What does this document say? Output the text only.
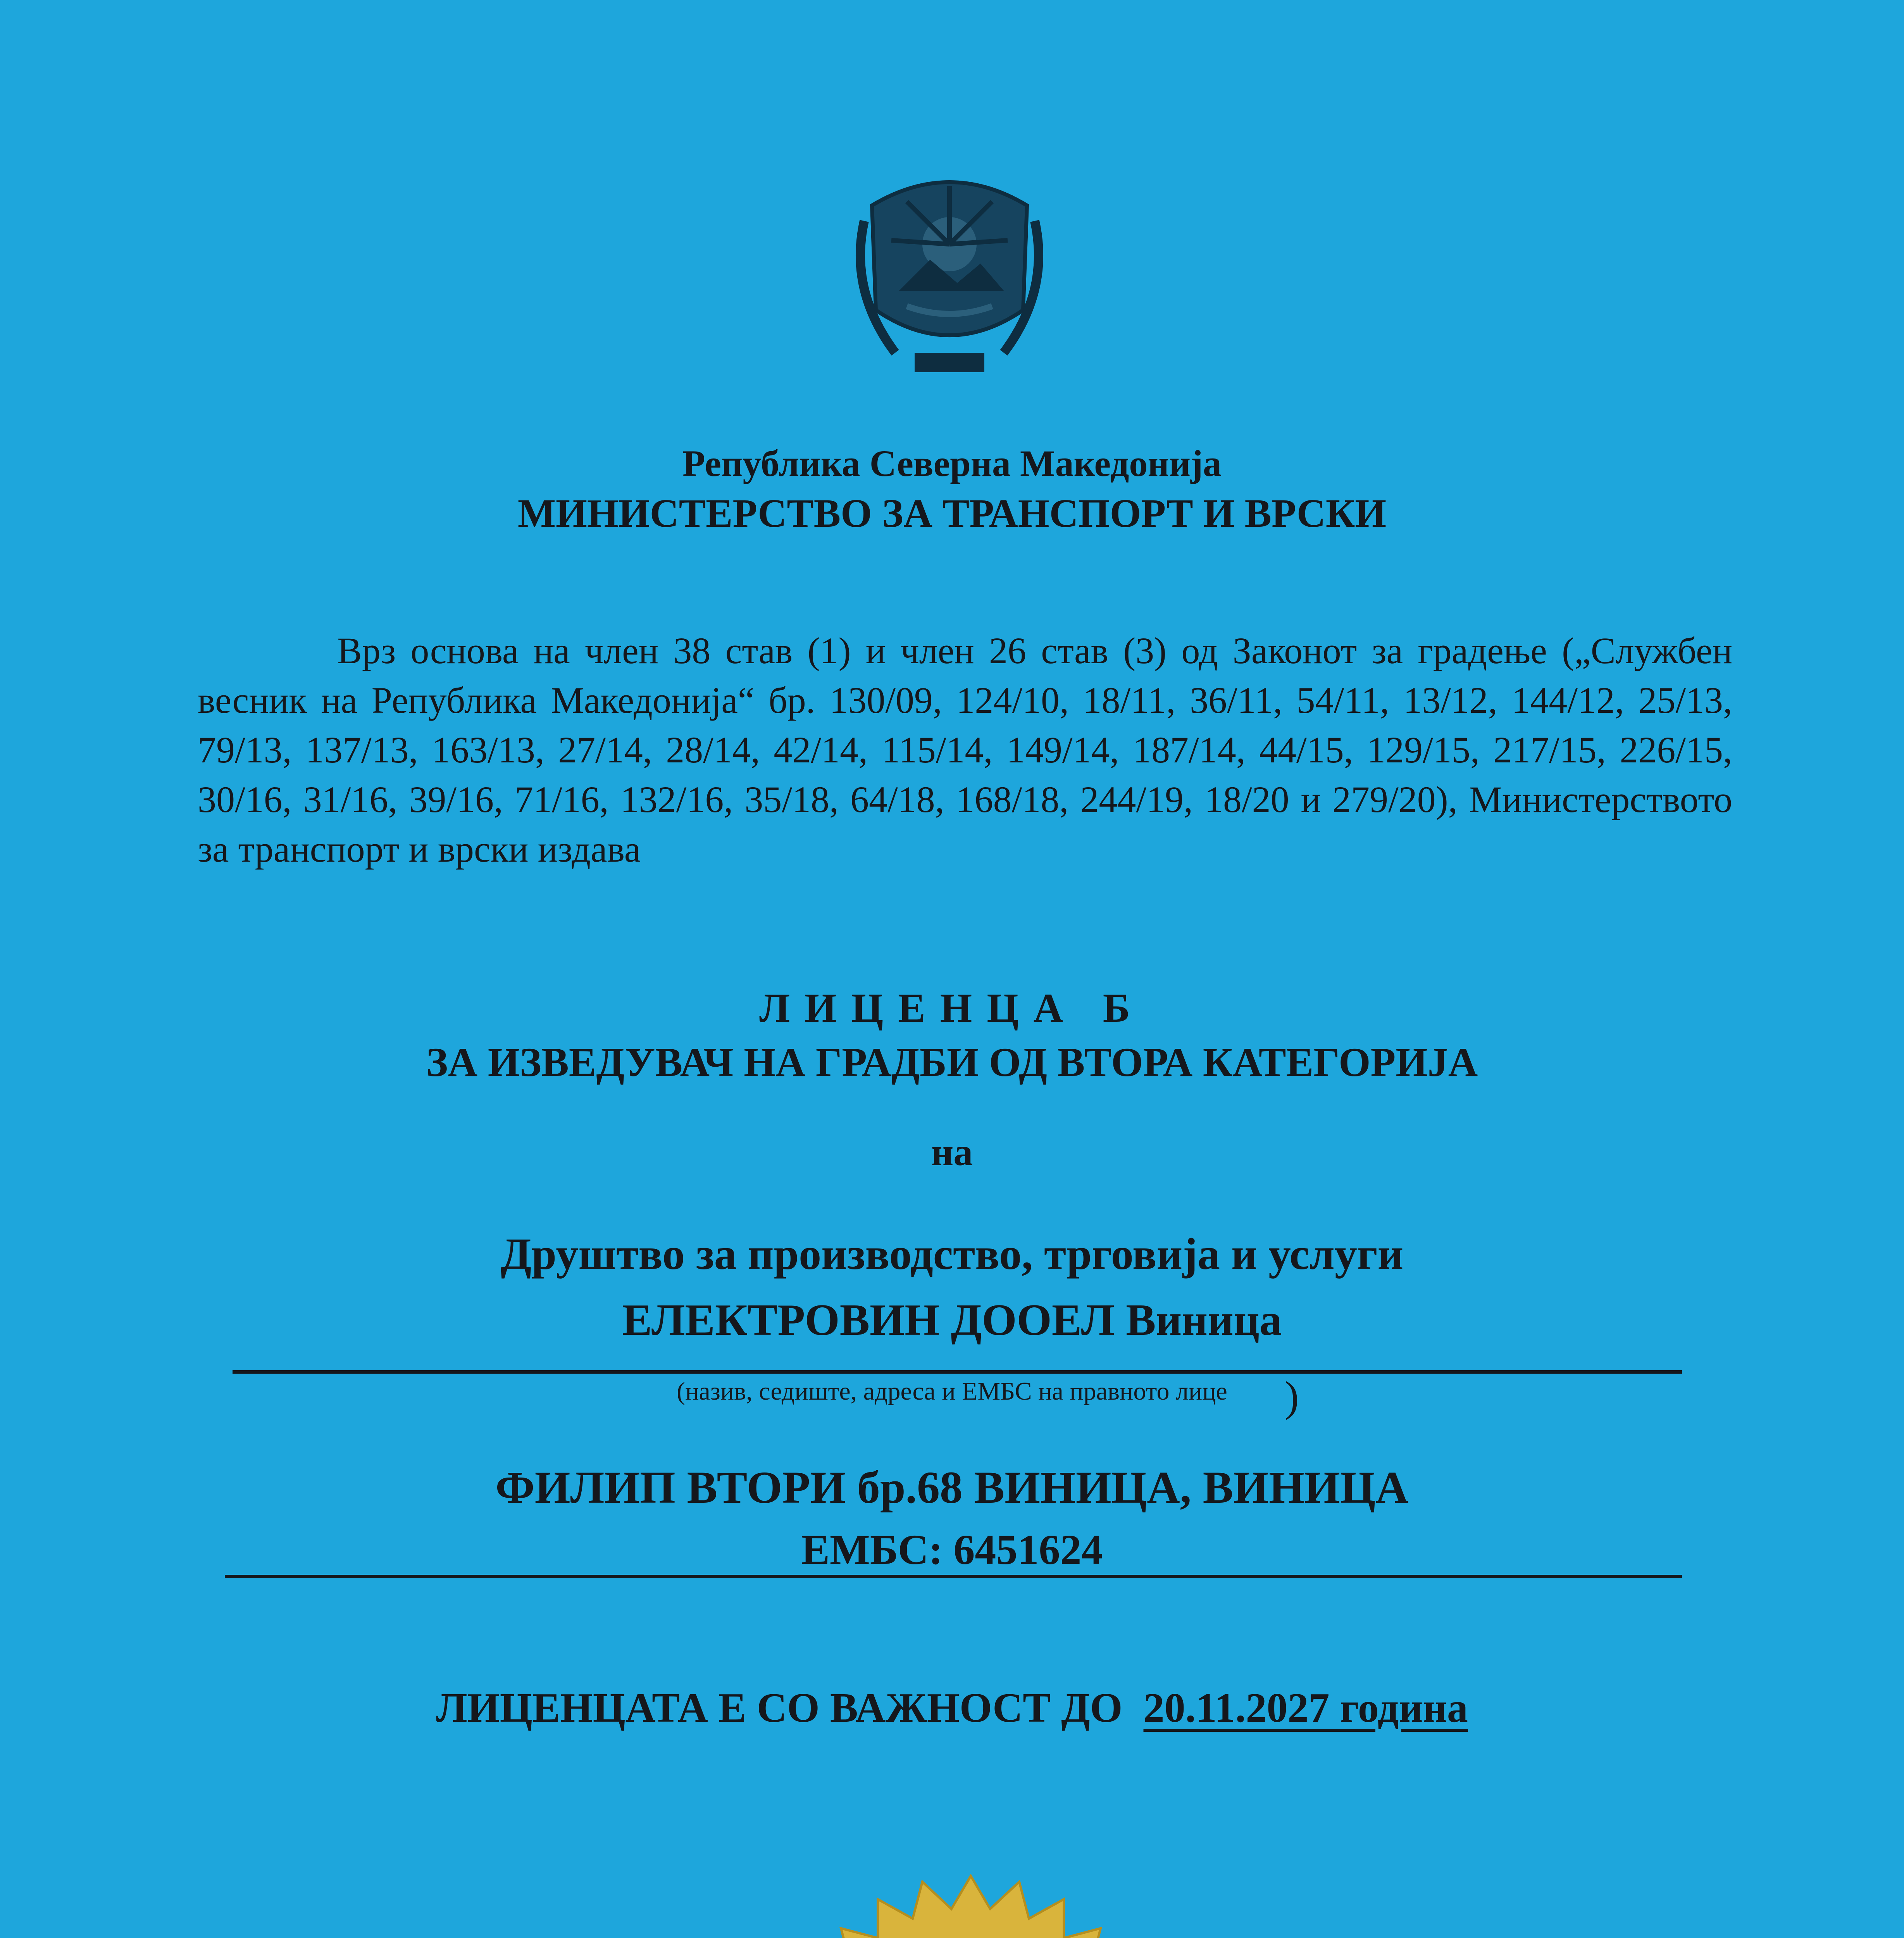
Република Северна Македонија
МИНИСТЕРСТВО ЗА ТРАНСПОРТ И ВРСКИ
Врз основа на член 38 став (1) и член 26 став (3) од Законот за градење („Службен весник на Република Македонија“ бр. 130/09, 124/10, 18/11, 36/11, 54/11, 13/12, 144/12, 25/13, 79/13, 137/13, 163/13, 27/14, 28/14, 42/14, 115/14, 149/14, 187/14, 44/15, 129/15, 217/15, 226/15, 30/16, 31/16, 39/16, 71/16, 132/16, 35/18, 64/18, 168/18, 244/19, 18/20 и 279/20), Министерството за транспорт и врски издава
ЛИЦЕНЦА Б
ЗА ИЗВЕДУВАЧ НА ГРАДБИ ОД ВТОРА КАТЕГОРИЈА
на
Друштво за производство, трговија и услуги
ЕЛЕКТРОВИН ДООЕЛ Виница
(назив, седиште, адреса и ЕМБС на правното лице	)
ФИЛИП ВТОРИ бр.68 ВИНИЦА, ВИНИЦА
ЕМБС: 6451624
ЛИЦЕНЦАТА Е СО ВАЖНОСТ ДО 20.11.2027 година
